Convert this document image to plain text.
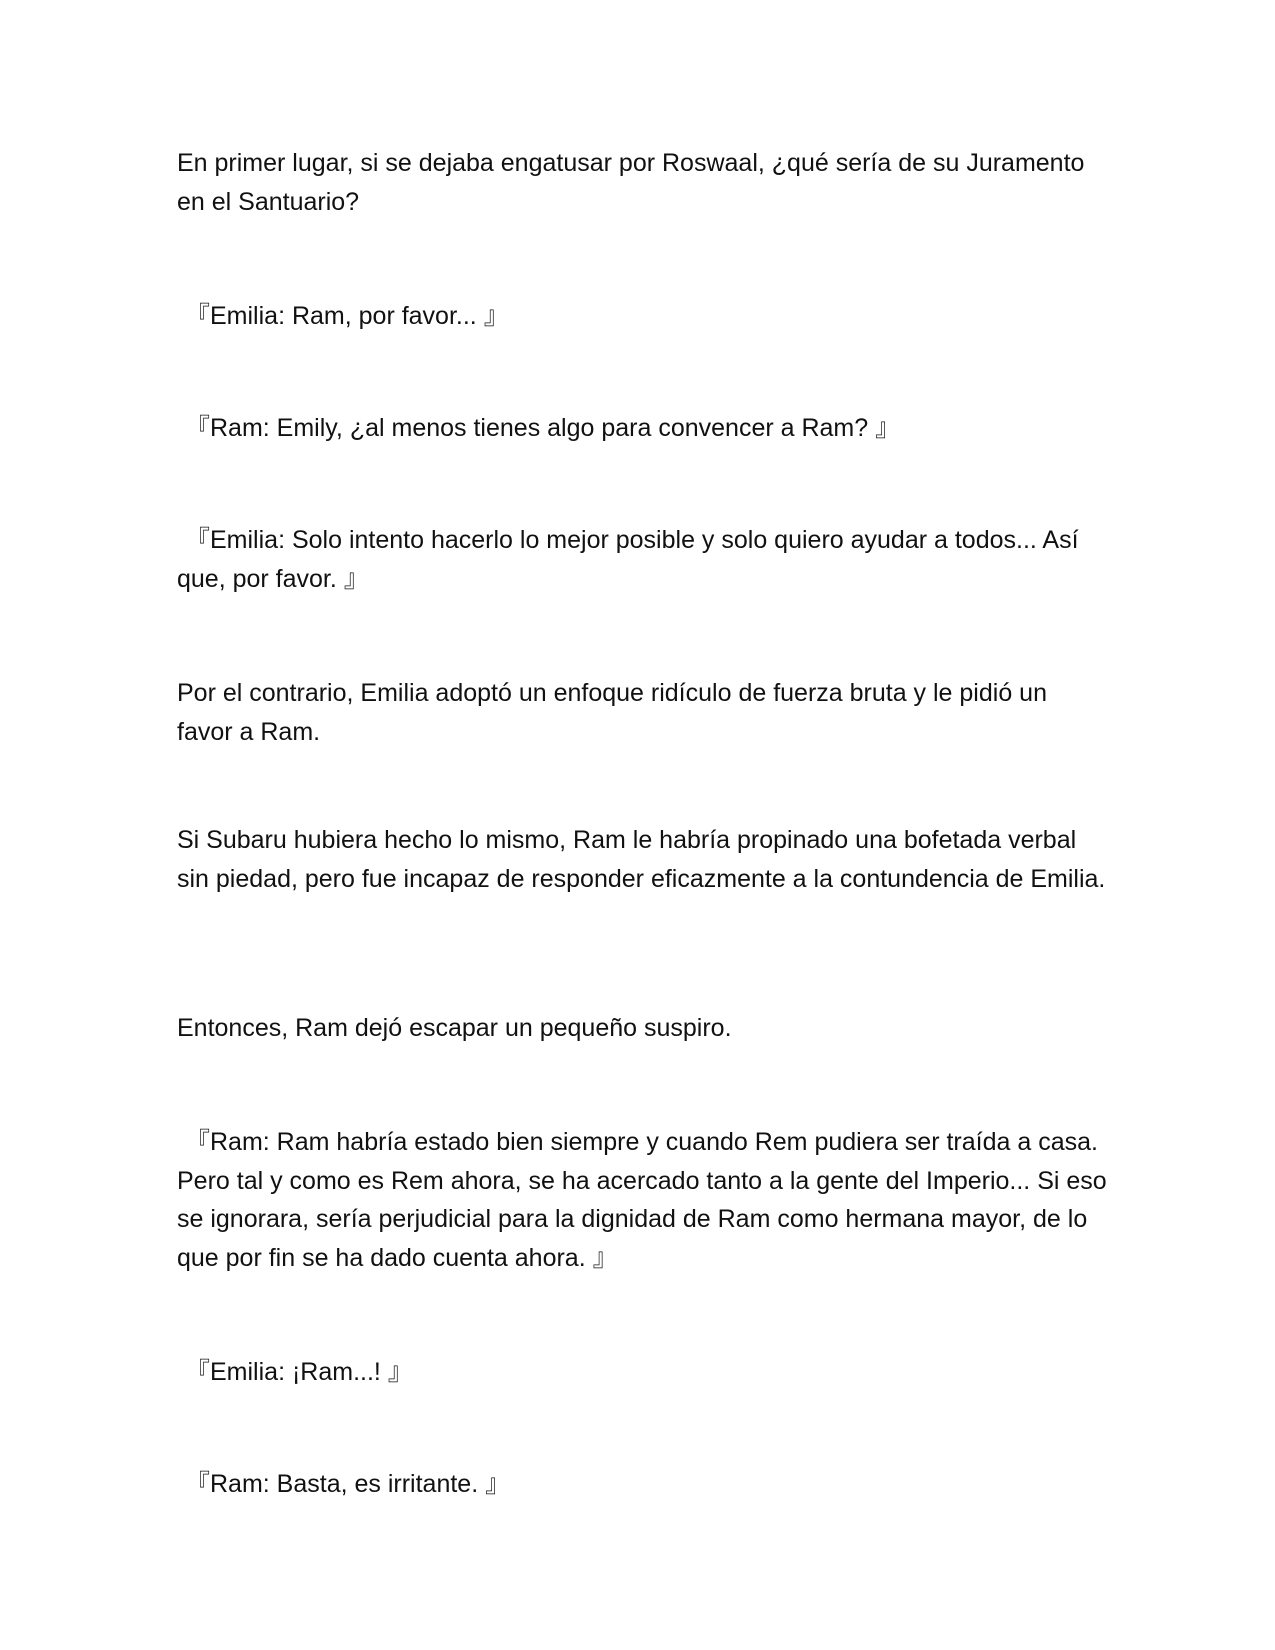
En primer lugar, si se dejaba engatusar por Roswaal, ¿qué sería de su Juramento en el Santuario?

『Emilia: Ram, por favor... 』

『Ram: Emily, ¿al menos tienes algo para convencer a Ram? 』

『Emilia: Solo intento hacerlo lo mejor posible y solo quiero ayudar a todos... Así que, por favor. 』

Por el contrario, Emilia adoptó un enfoque ridículo de fuerza bruta y le pidió un favor a Ram.

Si Subaru hubiera hecho lo mismo, Ram le habría propinado una bofetada verbal sin piedad, pero fue incapaz de responder eficazmente a la contundencia de Emilia.

Entonces, Ram dejó escapar un pequeño suspiro.

『Ram: Ram habría estado bien siempre y cuando Rem pudiera ser traída a casa. Pero tal y como es Rem ahora, se ha acercado tanto a la gente del Imperio... Si eso se ignorara, sería perjudicial para la dignidad de Ram como hermana mayor, de lo que por fin se ha dado cuenta ahora. 』

『Emilia: ¡Ram...! 』

『Ram: Basta, es irritante. 』
